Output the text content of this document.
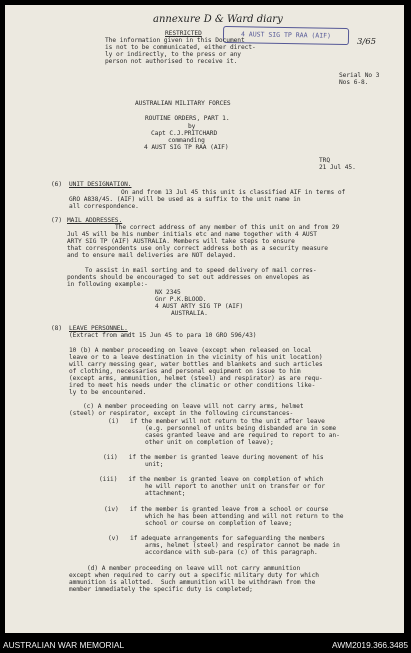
annexure D & Ward diary
3/65
4 AUST SIG TP RAA (AIF)
RESTRICTED
The information given in this Document
is not to be communicated, either direct-
ly or indirectly, to the press or any
person not authorised to receive it.
Serial No 3
Nos 6-8.
AUSTRALIAN MILITARY FORCES
ROUTINE ORDERS, PART 1.
by
Capt C.J.PRITCHARD
commanding
4 AUST SIG TP RAA (AIF)
TRQ
21 Jul 45.
(6) UNIT DESIGNATION.
On and from 13 Jul 45 this unit is classified AIF in terms of
GRO A838/45. (AIF) will be used as a suffix to the unit name in
all correspondence.
(7) MAIL ADDRESSES.
The correct address of any member of this unit on and from 29
Jul 45 will be his number initials etc and name together with 4 AUST
ARTY SIG TP (AIF) AUSTRALIA. Members will take steps to ensure
that correspondents use only correct address both as a security measure
and to ensure mail deliveries are NOT delayed.
To assist in mail sorting and to speed delivery of mail corres-
pondents should be encouraged to set out addresses on envelopes as
in following example:-
NX 2345
Gnr P.K.BLOOD.
4 AUST ARTY SIG TP (AIF)
AUSTRALIA.
(8) LEAVE PERSONNEL.
(Extract from amdt 15 Jun 45 to para 10 GRO 596/43)
10 (b) A member proceeding on leave (except when released on local
leave or to a leave destination in the vicinity of his unit location)
will carry messing gear, water bottles and blankets and such articles
of clothing, necessaries and personal equipment on issue to him
(except arms, ammunition, helmet (steel) and respirator) as are requ-
ired to meet his needs under the climatic or other conditions like-
ly to be encountered.
(c) A member proceeding on leave will not carry arms, helmet
(steel) or respirator, except in the following circumstances-
(i)   if the member will not return to the unit after leave
(e.g. personnel of units being disbanded are in some
cases granted leave and are required to report to an-
other unit on completion of leave);
(ii)   if the member is granted leave during movement of his
unit;
(iii)   if the member is granted leave on completion of which
he will report to another unit on transfer or for
attachment;
(iv)   if the member is granted leave from a school or course
which he has been attending and will not return to the
school or course on completion of leave;
(v)   if adequate arrangements for safeguarding the members
arms, helmet (steel) and respirator cannot be made in
accordance with sub-para (c) of this paragraph.
(d) A member proceeding on leave will not carry ammunition
except when required to carry out a specific military duty for which
ammunition is allotted.  Such ammunition will be withdrawn from the
member immediately the specific duty is completed;
AUSTRALIAN WAR MEMORIAL	AWM2019.366.3485
